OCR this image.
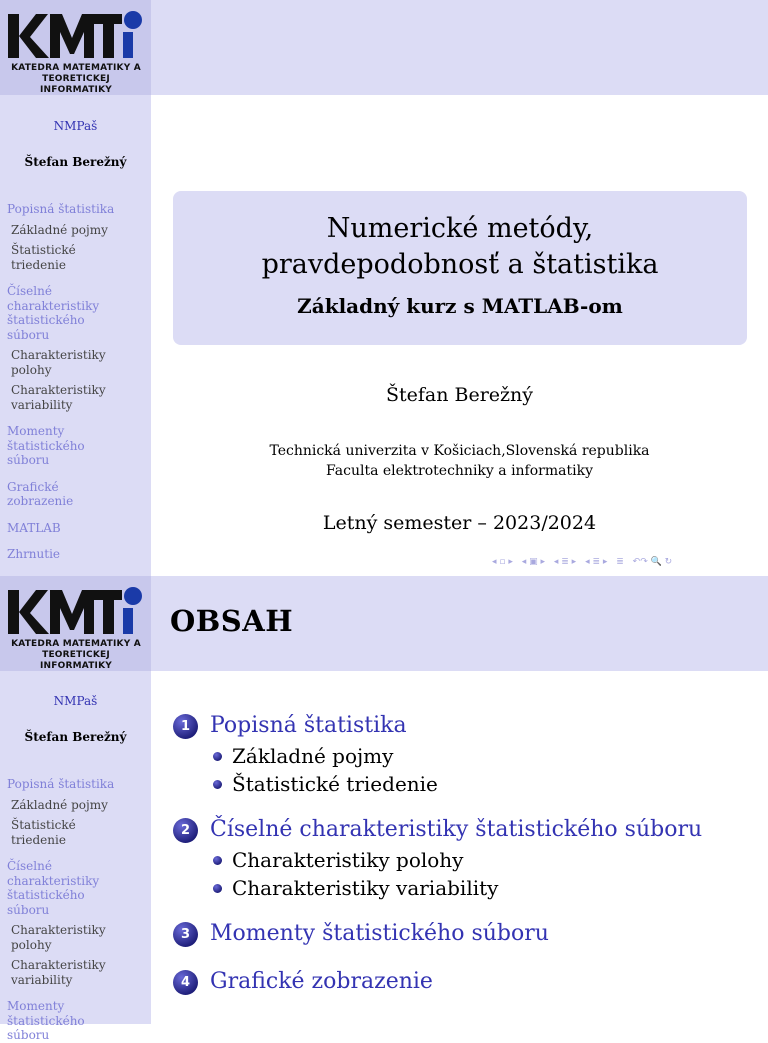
KATEDRA MATEMATIKY A
TEORETICKEJ INFORMATIKY
NMPaš
Štefan Berežný
Popisná štatistika
Základné pojmy
Štatistické triedenie
Číselné charakteristiky štatistického súboru
Charakteristiky polohy
Charakteristiky variability
Momenty štatistického súboru
Grafické zobrazenie
MATLAB
Zhrnutie
Numerické metódy,
pravdepodobnosť a štatistika
Základný kurz s MATLAB-om
Štefan Berežný
Technická univerzita v Košiciach,Slovenská republika
Faculta elektrotechniky a informatiky
Letný semester – 2023/2024
◂ ▫ ▸ ◂ ▣ ▸ ◂ ≣ ▸ ◂ ≣ ▸ ≣ ↶↷ 🔍 ↻
KATEDRA MATEMATIKY A
TEORETICKEJ INFORMATIKY
OBSAH
NMPaš
Štefan Berežný
Popisná štatistika
Základné pojmy
Štatistické triedenie
Číselné charakteristiky štatistického súboru
Charakteristiky polohy
Charakteristiky variability
Momenty štatistického súboru
1 Popisná štatistika
Základné pojmy
Štatistické triedenie
2 Číselné charakteristiky štatistického súboru
Charakteristiky polohy
Charakteristiky variability
3 Momenty štatistického súboru
4 Grafické zobrazenie
